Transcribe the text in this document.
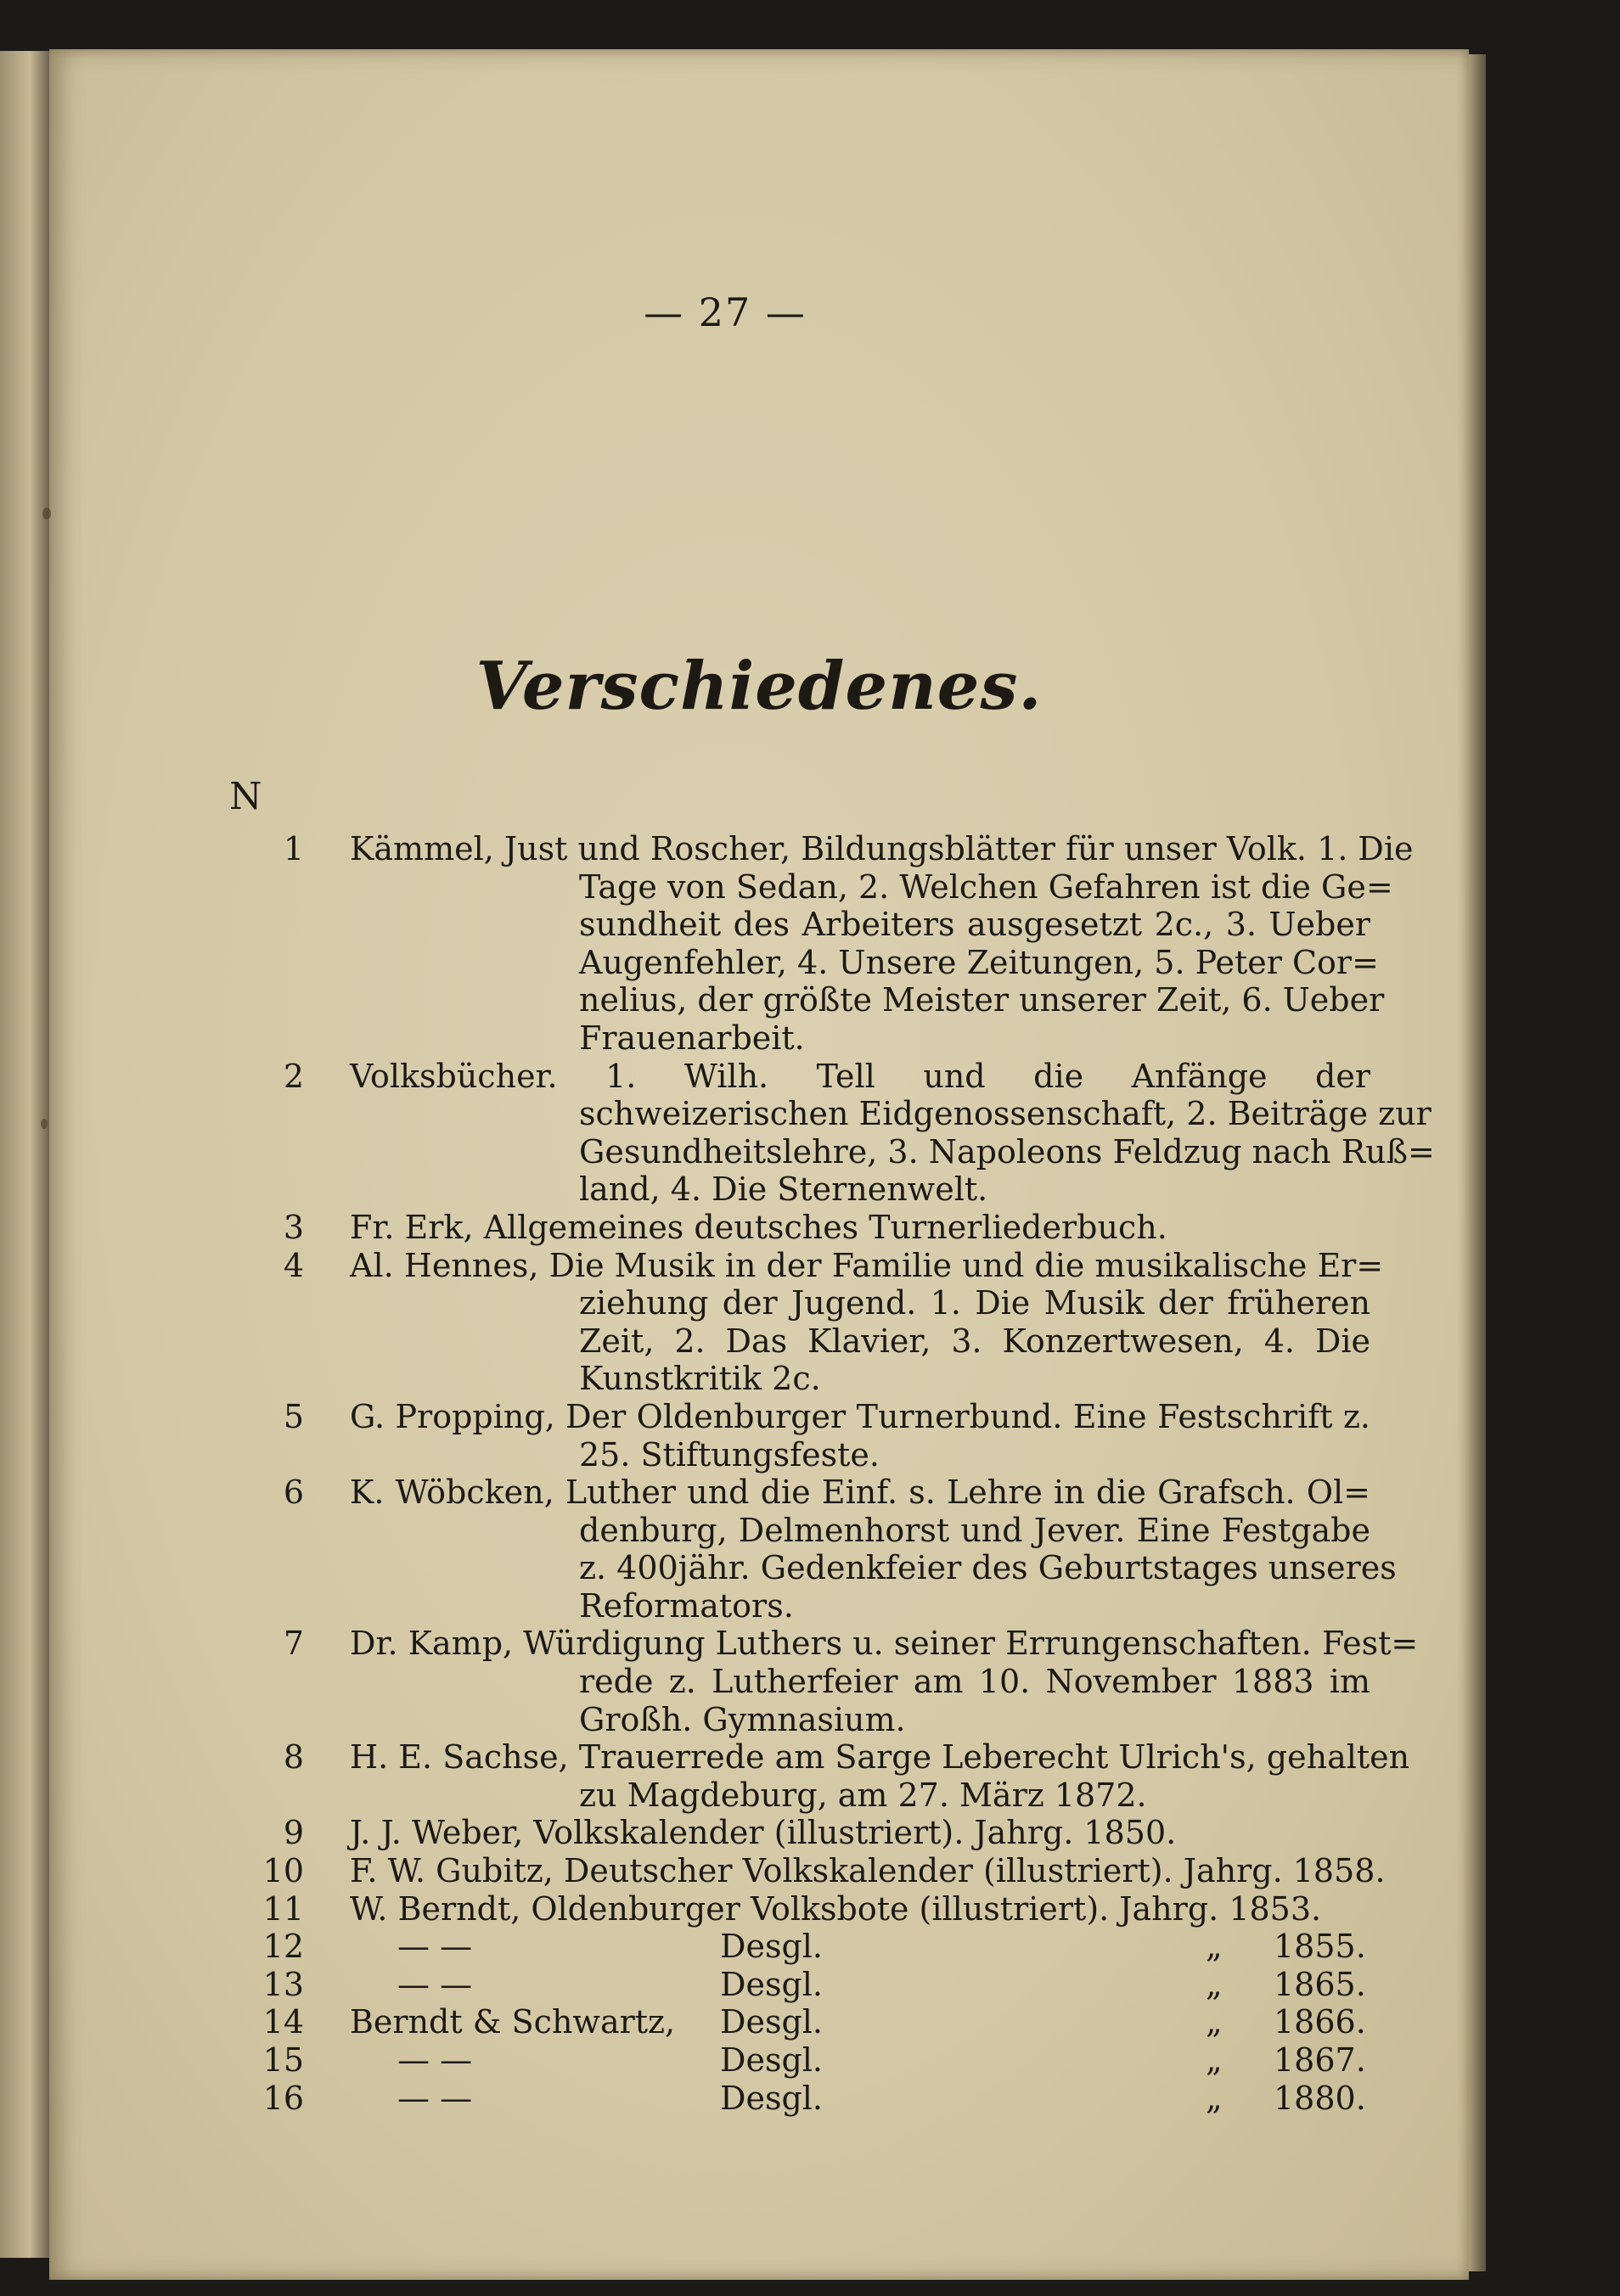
— 27 —
Verschiedenes.
N
1 Kämmel, Just und Roscher, Bildungsblätter für unser Volk. 1. Die
Tage von Sedan, 2. Welchen Gefahren ist die Ge=
sundheit des Arbeiters ausgesetzt 2c., 3. Ueber
Augenfehler, 4. Unsere Zeitungen, 5. Peter Cor=
nelius, der größte Meister unserer Zeit, 6. Ueber
Frauenarbeit.
2 Volksbücher. 1. Wilh. Tell und die Anfänge der
schweizerischen Eidgenossenschaft, 2. Beiträge zur
Gesundheitslehre, 3. Napoleons Feldzug nach Ruß=
land, 4. Die Sternenwelt.
3 Fr. Erk, Allgemeines deutsches Turnerliederbuch.
4 Al. Hennes, Die Musik in der Familie und die musikalische Er=
ziehung der Jugend. 1. Die Musik der früheren
Zeit, 2. Das Klavier, 3. Konzertwesen, 4. Die
Kunstkritik 2c.
5 G. Propping, Der Oldenburger Turnerbund. Eine Festschrift z.
25. Stiftungsfeste.
6 K. Wöbcken, Luther und die Einf. s. Lehre in die Grafsch. Ol=
denburg, Delmenhorst und Jever. Eine Festgabe
z. 400jähr. Gedenkfeier des Geburtstages unseres
Reformators.
7 Dr. Kamp, Würdigung Luthers u. seiner Errungenschaften. Fest=
rede z. Lutherfeier am 10. November 1883 im
Großh. Gymnasium.
8 H. E. Sachse, Trauerrede am Sarge Leberecht Ulrich's, gehalten
zu Magdeburg, am 27. März 1872.
9 J. J. Weber, Volkskalender (illustriert). Jahrg. 1850.
10 F. W. Gubitz, Deutscher Volkskalender (illustriert). Jahrg. 1858.
11 W. Berndt, Oldenburger Volksbote (illustriert). Jahrg. 1853.
12	— —	Desgl.	„ 1855.
13	— —	Desgl.	„ 1865.
14 Berndt & Schwartz, Desgl.	„ 1866.
15	— —	Desgl.	„ 1867.
16	— —	Desgl.	„ 1880.
